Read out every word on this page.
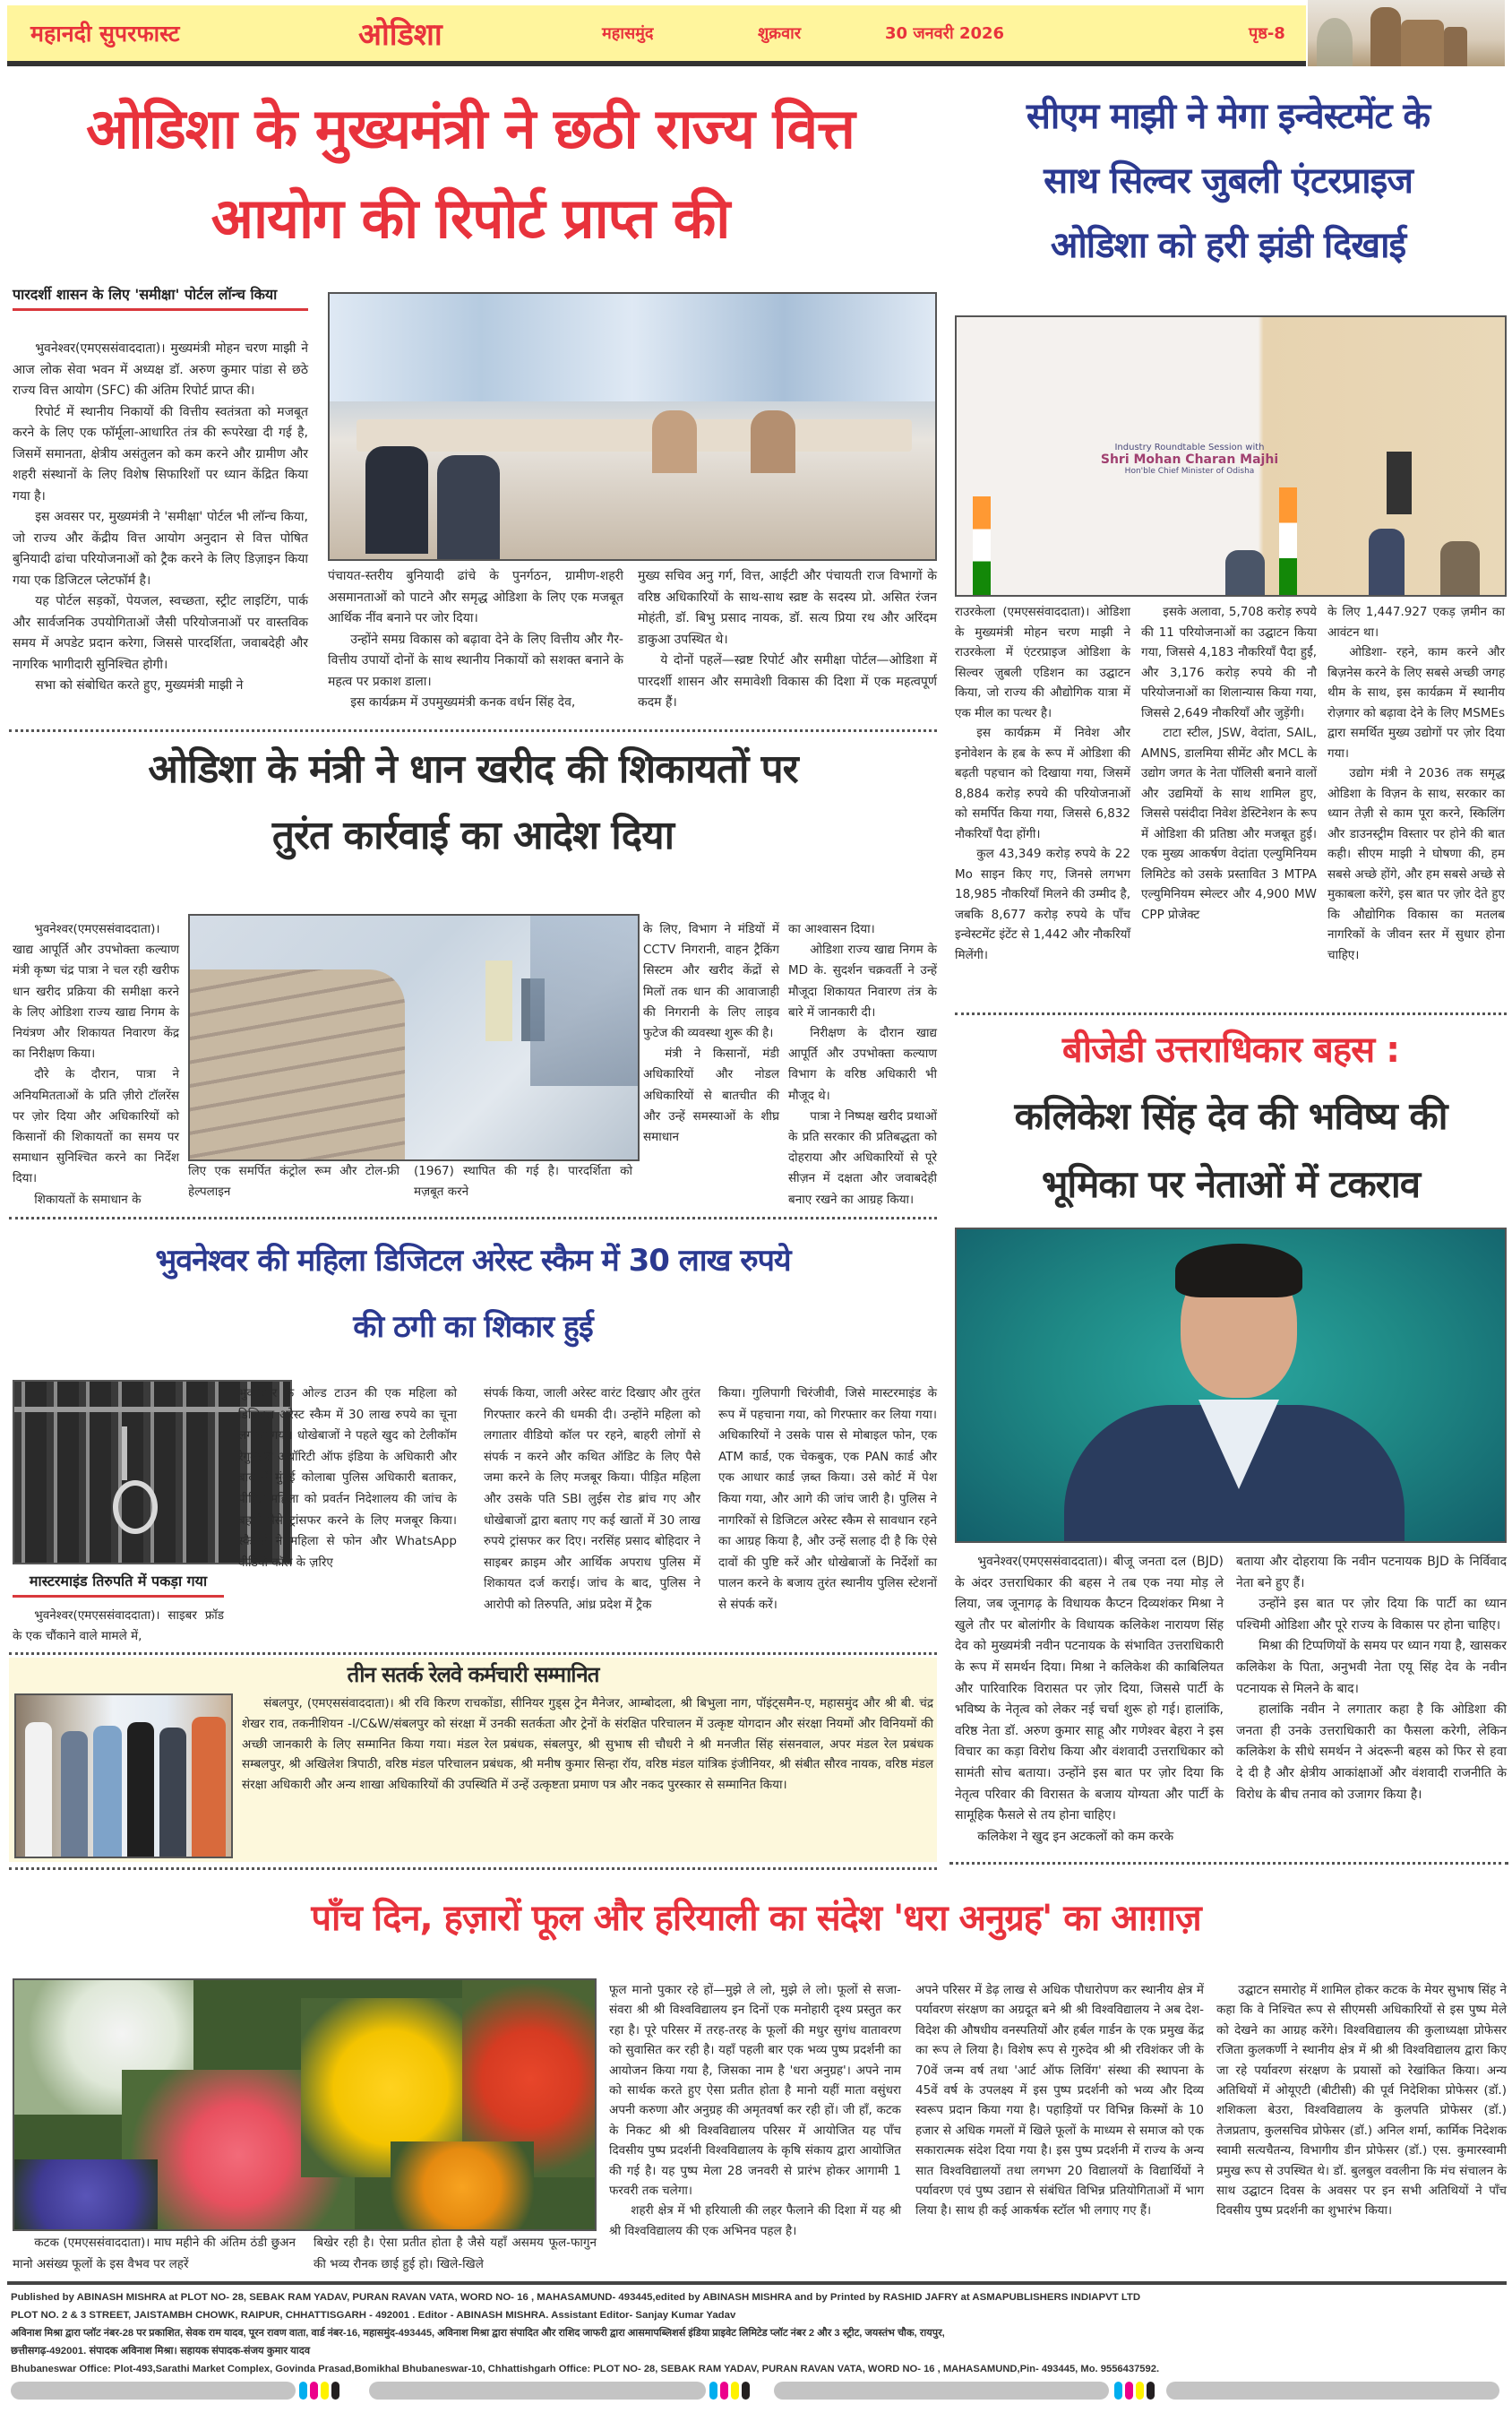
महानदी सुपरफास्ट	ओडिशा	महासमुंद	शुक्रवार	30 जनवरी 2026	पृष्ठ-8
ओडिशा के मुख्यमंत्री ने छठी राज्य वित्त
आयोग की रिपोर्ट प्राप्त की
पारदर्शी शासन के लिए 'समीक्षा' पोर्टल लॉन्च किया

भुवनेश्वर(एमएससंवाददाता)। मुख्यमंत्री मोहन चरण माझी ने आज लोक सेवा भवन में अध्यक्ष डॉ. अरुण कुमार पांडा से छठे राज्य वित्त आयोग (SFC) की अंतिम रिपोर्ट प्राप्त की।

रिपोर्ट में स्थानीय निकायों की वित्तीय स्वतंत्रता को मजबूत करने के लिए एक फॉर्मूला-आधारित तंत्र की रूपरेखा दी गई है, जिसमें समानता, क्षेत्रीय असंतुलन को कम करने और ग्रामीण और शहरी संस्थानों के लिए विशेष सिफारिशों पर ध्यान केंद्रित किया गया है।

इस अवसर पर, मुख्यमंत्री ने 'समीक्षा' पोर्टल भी लॉन्च किया, जो राज्य और केंद्रीय वित्त आयोग अनुदान से वित्त पोषित बुनियादी ढांचा परियोजनाओं को ट्रैक करने के लिए डिज़ाइन किया गया एक डिजिटल प्लेटफॉर्म है।

यह पोर्टल सड़कों, पेयजल, स्वच्छता, स्ट्रीट लाइटिंग, पार्क और सार्वजनिक उपयोगिताओं जैसी परियोजनाओं पर वास्तविक समय में अपडेट प्रदान करेगा, जिससे पारदर्शिता, जवाबदेही और नागरिक भागीदारी सुनिश्चित होगी।

सभा को संबोधित करते हुए, मुख्यमंत्री माझी ने

पंचायत-स्तरीय बुनियादी ढांचे के पुनर्गठन, ग्रामीण-शहरी असमानताओं को पाटने और समृद्ध ओडिशा के लिए एक मजबूत आर्थिक नींव बनाने पर जोर दिया।

उन्होंने समग्र विकास को बढ़ावा देने के लिए वित्तीय और गैर-वित्तीय उपायों दोनों के साथ स्थानीय निकायों को सशक्त बनाने के महत्व पर प्रकाश डाला।

इस कार्यक्रम में उपमुख्यमंत्री कनक वर्धन सिंह देव,

मुख्य सचिव अनु गर्ग, वित्त, आईटी और पंचायती राज विभागों के वरिष्ठ अधिकारियों के साथ-साथ स्व्रष्ट के सदस्य प्रो. असित रंजन मोहंती, डॉ. बिभु प्रसाद नायक, डॉ. सत्य प्रिया रथ और अरिंदम डाकुआ उपस्थित थे।

ये दोनों पहलें—स्व्रष्ट रिपोर्ट और समीक्षा पोर्टल—ओडिशा में पारदर्शी शासन और समावेशी विकास की दिशा में एक महत्वपूर्ण कदम हैं।

सीएम माझी ने मेगा इन्वेस्टमेंट के
साथ सिल्वर जुबली एंटरप्राइज
ओडिशा को हरी झंडी दिखाई
Industry Roundtable Session with
Shri Mohan Charan Majhi
Hon'ble Chief Minister of Odisha

राउरकेला (एमएससंवाददाता)। ओडिशा के मुख्यमंत्री मोहन चरण माझी ने राउरकेला में एंटरप्राइज ओडिशा के सिल्वर ज़ुबली एडिशन का उद्घाटन किया, जो राज्य की औद्योगिक यात्रा में एक मील का पत्थर है।

इस कार्यक्रम में निवेश और इनोवेशन के हब के रूप में ओडिशा की बढ़ती पहचान को दिखाया गया, जिसमें 8,884 करोड़ रुपये की परियोजनाओं को समर्पित किया गया, जिससे 6,832 नौकरियाँ पैदा होंगी।

कुल 43,349 करोड़ रुपये के 22 Mo साइन किए गए, जिनसे लगभग 18,985 नौकरियाँ मिलने की उम्मीद है, जबकि 8,677 करोड़ रुपये के पाँच इन्वेस्टमेंट इंटेंट से 1,442 और नौकरियाँ मिलेंगी।

इसके अलावा, 5,708 करोड़ रुपये की 11 परियोजनाओं का उद्घाटन किया गया, जिससे 4,183 नौकरियाँ पैदा हुईं, और 3,176 करोड़ रुपये की नौ परियोजनाओं का शिलान्यास किया गया, जिससे 2,649 नौकरियाँ और जुड़ेंगी।

टाटा स्टील, JSW, वेदांता, SAIL, AMNS, डालमिया सीमेंट और MCL के उद्योग जगत के नेता पॉलिसी बनाने वालों और उद्यमियों के साथ शामिल हुए, जिससे पसंदीदा निवेश डेस्टिनेशन के रूप में ओडिशा की प्रतिष्ठा और मजबूत हुई। एक मुख्य आकर्षण वेदांता एल्युमिनियम लिमिटेड को उसके प्रस्तावित 3 MTPA एल्युमिनियम स्मेल्टर और 4,900 MW CPP प्रोजेक्ट

के लिए 1,447.927 एकड़ ज़मीन का आवंटन था।

ओडिशा- रहने, काम करने और बिज़नेस करने के लिए सबसे अच्छी जगह थीम के साथ, इस कार्यक्रम में स्थानीय रोज़गार को बढ़ावा देने के लिए MSMEs द्वारा समर्थित मुख्य उद्योगों पर ज़ोर दिया गया।

उद्योग मंत्री ने 2036 तक समृद्ध ओडिशा के विज़न के साथ, सरकार का ध्यान तेज़ी से काम पूरा करने, स्किलिंग और डाउनस्ट्रीम विस्तार पर होने की बात कही। सीएम माझी ने घोषणा की, हम सबसे अच्छे होंगे, और हम सबसे अच्छे से मुकाबला करेंगे, इस बात पर ज़ोर देते हुए कि औद्योगिक विकास का मतलब नागरिकों के जीवन स्तर में सुधार होना चाहिए।

ओडिशा के मंत्री ने धान खरीद की शिकायतों पर
तुरंत कार्रवाई का आदेश दिया

भुवनेश्वर(एमएससंवाददाता)। खाद्य आपूर्ति और उपभोक्ता कल्याण मंत्री कृष्ण चंद्र पात्रा ने चल रही खरीफ धान खरीद प्रक्रिया की समीक्षा करने के लिए ओडिशा राज्य खाद्य निगम के नियंत्रण और शिकायत निवारण केंद्र का निरीक्षण किया।

दौरे के दौरान, पात्रा ने अनियमितताओं के प्रति ज़ीरो टॉलरेंस पर ज़ोर दिया और अधिकारियों को किसानों की शिकायतों का समय पर समाधान सुनिश्चित करने का निर्देश दिया।

शिकायतों के समाधान के

लिए एक समर्पित कंट्रोल रूम और टोल-फ्री हेल्पलाइन
(1967) स्थापित की गई है। पारदर्शिता को मज़बूत करने

के लिए, विभाग ने मंडियों में CCTV निगरानी, वाहन ट्रैकिंग सिस्टम और खरीद केंद्रों से मिलों तक धान की आवाजाही की निगरानी के लिए लाइव फुटेज की व्यवस्था शुरू की है।

मंत्री ने किसानों, मंडी अधिकारियों और नोडल अधिकारियों से बातचीत की और उन्हें समस्याओं के शीघ्र समाधान

का आश्वासन दिया।

ओडिशा राज्य खाद्य निगम के MD के. सुदर्शन चक्रवर्ती ने उन्हें मौजूदा शिकायत निवारण तंत्र के बारे में जानकारी दी।

निरीक्षण के दौरान खाद्य आपूर्ति और उपभोक्ता कल्याण विभाग के वरिष्ठ अधिकारी भी मौजूद थे।

पात्रा ने निष्पक्ष खरीद प्रथाओं के प्रति सरकार की प्रतिबद्धता को दोहराया और अधिकारियों से पूरे सीज़न में दक्षता और जवाबदेही बनाए रखने का आग्रह किया।

बीजेडी उत्तराधिकार बहस :
कलिकेश सिंह देव की भविष्य की
भूमिका पर नेताओं में टकराव

भुवनेश्वर(एमएससंवाददाता)। बीजू जनता दल (BJD) के अंदर उत्तराधिकार की बहस ने तब एक नया मोड़ ले लिया, जब जूनागढ़ के विधायक कैप्टन दिव्यशंकर मिश्रा ने खुले तौर पर बोलांगीर के विधायक कलिकेश नारायण सिंह देव को मुख्यमंत्री नवीन पटनायक के संभावित उत्तराधिकारी के रूप में समर्थन दिया। मिश्रा ने कलिकेश की काबिलियत और पारिवारिक विरासत पर ज़ोर दिया, जिससे पार्टी के भविष्य के नेतृत्व को लेकर नई चर्चा शुरू हो गई। हालांकि, वरिष्ठ नेता डॉ. अरुण कुमार साहू और गणेश्वर बेहरा ने इस विचार का कड़ा विरोध किया और वंशवादी उत्तराधिकार को सामंती सोच बताया। उन्होंने इस बात पर ज़ोर दिया कि नेतृत्व परिवार की विरासत के बजाय योग्यता और पार्टी के सामूहिक फैसले से तय होना चाहिए।

कलिकेश ने खुद इन अटकलों को कम करके

बताया और दोहराया कि नवीन पटनायक BJD के निर्विवाद नेता बने हुए हैं।

उन्होंने इस बात पर ज़ोर दिया कि पार्टी का ध्यान पश्चिमी ओडिशा और पूरे राज्य के विकास पर होना चाहिए।

मिश्रा की टिप्पणियों के समय पर ध्यान गया है, खासकर कलिकेश के पिता, अनुभवी नेता एयू सिंह देव के नवीन पटनायक से मिलने के बाद।

हालांकि नवीन ने लगातार कहा है कि ओडिशा की जनता ही उनके उत्तराधिकारी का फैसला करेगी, लेकिन कलिकेश के सीधे समर्थन ने अंदरूनी बहस को फिर से हवा दे दी है और क्षेत्रीय आकांक्षाओं और वंशवादी राजनीति के विरोध के बीच तनाव को उजागर किया है।

भुवनेश्वर की महिला डिजिटल अरेस्ट स्कैम में 30 लाख रुपये
की ठगी का शिकार हुई
मास्टरमाइंड तिरुपति में पकड़ा गया

भुवनेश्वर(एमएससंवाददाता)। साइबर फ्रॉड के एक चौंकाने वाले मामले में,

भुवनेश्वर के ओल्ड टाउन की एक महिला को डिजिटल अरेस्ट स्कैम में 30 लाख रुपये का चूना लगाया गया। धोखेबाजों ने पहले खुद को टेलीकॉम रेगुलेटरी अथॉरिटी ऑफ इंडिया के अधिकारी और बाद में मुंबई कोलाबा पुलिस अधिकारी बताकर, पीड़ित महिला को प्रवर्तन निदेशालय की जांच के बहाने पैसे ट्रांसफर करने के लिए मजबूर किया। स्कैमर्स ने महिला से फोन और WhatsApp वीडियो कॉल के ज़रिए

संपर्क किया, जाली अरेस्ट वारंट दिखाए और तुरंत गिरफ्तार करने की धमकी दी। उन्होंने महिला को लगातार वीडियो कॉल पर रहने, बाहरी लोगों से संपर्क न करने और कथित ऑडिट के लिए पैसे जमा करने के लिए मजबूर किया। पीड़ित महिला और उसके पति SBI लुईस रोड ब्रांच गए और धोखेबाजों द्वारा बताए गए कई खातों में 30 लाख रुपये ट्रांसफर कर दिए। नरसिंह प्रसाद बोहिदार ने साइबर क्राइम और आर्थिक अपराध पुलिस में शिकायत दर्ज कराई। जांच के बाद, पुलिस ने आरोपी को तिरुपति, आंध्र प्रदेश में ट्रैक

किया। गुलिपागी चिरंजीवी, जिसे मास्टरमाइंड के रूप में पहचाना गया, को गिरफ्तार कर लिया गया। अधिकारियों ने उसके पास से मोबाइल फोन, एक ATM कार्ड, एक चेकबुक, एक PAN कार्ड और एक आधार कार्ड ज़ब्त किया। उसे कोर्ट में पेश किया गया, और आगे की जांच जारी है। पुलिस ने नागरिकों से डिजिटल अरेस्ट स्कैम से सावधान रहने का आग्रह किया है, और उन्हें सलाह दी है कि ऐसे दावों की पुष्टि करें और धोखेबाजों के निर्देशों का पालन करने के बजाय तुरंत स्थानीय पुलिस स्टेशनों से संपर्क करें।

तीन सतर्क रेलवे कर्मचारी सम्मानित

संबलपुर, (एमएससंवाददाता)। श्री रवि किरण राचकोंडा, सीनियर गुड्स ट्रेन मैनेजर, आम्बोदला, श्री बिभुला नाग, पॉइंट्समैन-ए, महासमुंद और श्री बी. चंद्र शेखर राव, तकनीशियन -I/C&W/संबलपुर को संरक्षा में उनकी सतर्कता और ट्रेनों के संरक्षित परिचालन में उत्कृष्ट योगदान और संरक्षा नियमों और विनियमों की अच्छी जानकारी के लिए सम्मानित किया गया। मंडल रेल प्रबंधक, संबलपुर, श्री सुभाष सी चौधरी ने श्री मनजीत सिंह संसनवाल, अपर मंडल रेल प्रबंधक सम्बलपुर, श्री अखिलेश त्रिपाठी, वरिष्ठ मंडल परिचालन प्रबंधक, श्री मनीष कुमार सिन्हा रॉय, वरिष्ठ मंडल यांत्रिक इंजीनियर, श्री संबीत सौरव नायक, वरिष्ठ मंडल संरक्षा अधिकारी और अन्य शाखा अधिकारियों की उपस्थिति में उन्हें उत्कृष्टता प्रमाण पत्र और नकद पुरस्कार से सम्मानित किया।

पाँच दिन, हज़ारों फूल और हरियाली का संदेश 'धरा अनुग्रह' का आग़ाज़

कटक (एमएससंवाददाता)। माघ महीने की अंतिम ठंडी छुअन मानो असंख्य फूलों के इस वैभव पर लहरें

बिखेर रही है। ऐसा प्रतीत होता है जैसे यहाँ असमय फूल-फागुन की भव्य रौनक छाई हुई हो। खिले-खिले

फूल मानो पुकार रहे हों—मुझे ले लो, मुझे ले लो। फूलों से सजा-संवरा श्री श्री विश्वविद्यालय इन दिनों एक मनोहारी दृश्य प्रस्तुत कर रहा है। पूरे परिसर में तरह-तरह के फूलों की मधुर सुगंध वातावरण को सुवासित कर रही है। यहाँ पहली बार एक भव्य पुष्प प्रदर्शनी का आयोजन किया गया है, जिसका नाम है 'धरा अनुग्रह'। अपने नाम को सार्थक करते हुए ऐसा प्रतीत होता है मानो यहीं माता वसुंधरा अपनी करुणा और अनुग्रह की अमृतवर्षा कर रही हों। जी हाँ, कटक के निकट श्री श्री विश्वविद्यालय परिसर में आयोजित यह पाँच दिवसीय पुष्प प्रदर्शनी विश्वविद्यालय के कृषि संकाय द्वारा आयोजित की गई है। यह पुष्प मेला 28 जनवरी से प्रारंभ होकर आगामी 1 फरवरी तक चलेगा।

शहरी क्षेत्र में भी हरियाली की लहर फैलाने की दिशा में यह श्री श्री विश्वविद्यालय की एक अभिनव पहल है।

अपने परिसर में डेढ़ लाख से अधिक पौधारोपण कर स्थानीय क्षेत्र में पर्यावरण संरक्षण का अग्रदूत बने श्री श्री विश्वविद्यालय ने अब देश-विदेश की औषधीय वनस्पतियों और हर्बल गार्डन के एक प्रमुख केंद्र का रूप ले लिया है। विशेष रूप से गुरुदेव श्री श्री रविशंकर जी के 70वें जन्म वर्ष तथा 'आर्ट ऑफ लिविंग' संस्था की स्थापना के 45वें वर्ष के उपलक्ष्य में इस पुष्प प्रदर्शनी को भव्य और दिव्य स्वरूप प्रदान किया गया है। पहाड़ियों पर विभिन्न किस्मों के 10 हजार से अधिक गमलों में खिले फूलों के माध्यम से समाज को एक सकारात्मक संदेश दिया गया है। इस पुष्प प्रदर्शनी में राज्य के अन्य सात विश्वविद्यालयों तथा लगभग 20 विद्यालयों के विद्यार्थियों ने पर्यावरण एवं पुष्प उद्यान से संबंधित विभिन्न प्रतियोगिताओं में भाग लिया है। साथ ही कई आकर्षक स्टॉल भी लगाए गए हैं।

उद्घाटन समारोह में शामिल होकर कटक के मेयर सुभाष सिंह ने कहा कि वे निश्चित रूप से सीएमसी अधिकारियों से इस पुष्प मेले को देखने का आग्रह करेंगे। विश्वविद्यालय की कुलाध्यक्षा प्रोफेसर रजिता कुलकर्णी ने स्थानीय क्षेत्र में श्री श्री विश्वविद्यालय द्वारा किए जा रहे पर्यावरण संरक्षण के प्रयासों को रेखांकित किया। अन्य अतिथियों में ओयूएटी (बीटीसी) की पूर्व निदेशिका प्रोफेसर (डॉ.) शशिकला बेउरा, विश्वविद्यालय के कुलपति प्रोफेसर (डॉ.) तेजप्रताप, कुलसचिव प्रोफेसर (डॉ.) अनिल शर्मा, कार्मिक निदेशक स्वामी सत्यचैतन्य, विभागीय डीन प्रोफेसर (डॉ.) एस. कुमारस्वामी प्रमुख रूप से उपस्थित थे। डॉ. बुलबुल ववलीना कि मंच संचालन के साथ उद्घाटन दिवस के अवसर पर इन सभी अतिथियों ने पाँच दिवसीय पुष्प प्रदर्शनी का शुभारंभ किया।

Published by ABINASH MISHRA at PLOT NO- 28, SEBAK RAM YADAV, PURAN RAVAN VATA, WORD NO- 16 , MAHASAMUND- 493445,edited by ABINASH MISHRA and by Printed by RASHID JAFRY at ASMAPUBLISHERS INDIAPVT LTD
PLOT NO. 2 & 3 STREET, JAISTAMBH CHOWK, RAIPUR, CHHATTISGARH - 492001 . Editor - ABINASH MISHRA. Assistant Editor- Sanjay Kumar Yadav
अविनाश मिश्रा द्वारा प्लॉट नंबर-28 पर प्रकाशित, सेवक राम यादव, पूरन रावण वाता, वार्ड नंबर-16, महासमुंद-493445, अविनाश मिश्रा द्वारा संपादित और राशिद जाफरी द्वारा आसमापब्लिशर्स इंडिया प्राइवेट लिमिटेड प्लॉट नंबर 2 और 3 स्ट्रीट, जयस्तंभ चौक, रायपुर,
छत्तीसगढ़-492001. संपादक अविनाश मिश्रा। सहायक संपादक-संजय कुमार यादव
Bhubaneswar Office: Plot-493,Sarathi Market Complex, Govinda Prasad,Bomikhal Bhubaneswar-10, Chhattishgarh Office: PLOT NO- 28, SEBAK RAM YADAV, PURAN RAVAN VATA, WORD NO- 16 , MAHASAMUND,Pin- 493445, Mo. 9556437592.
